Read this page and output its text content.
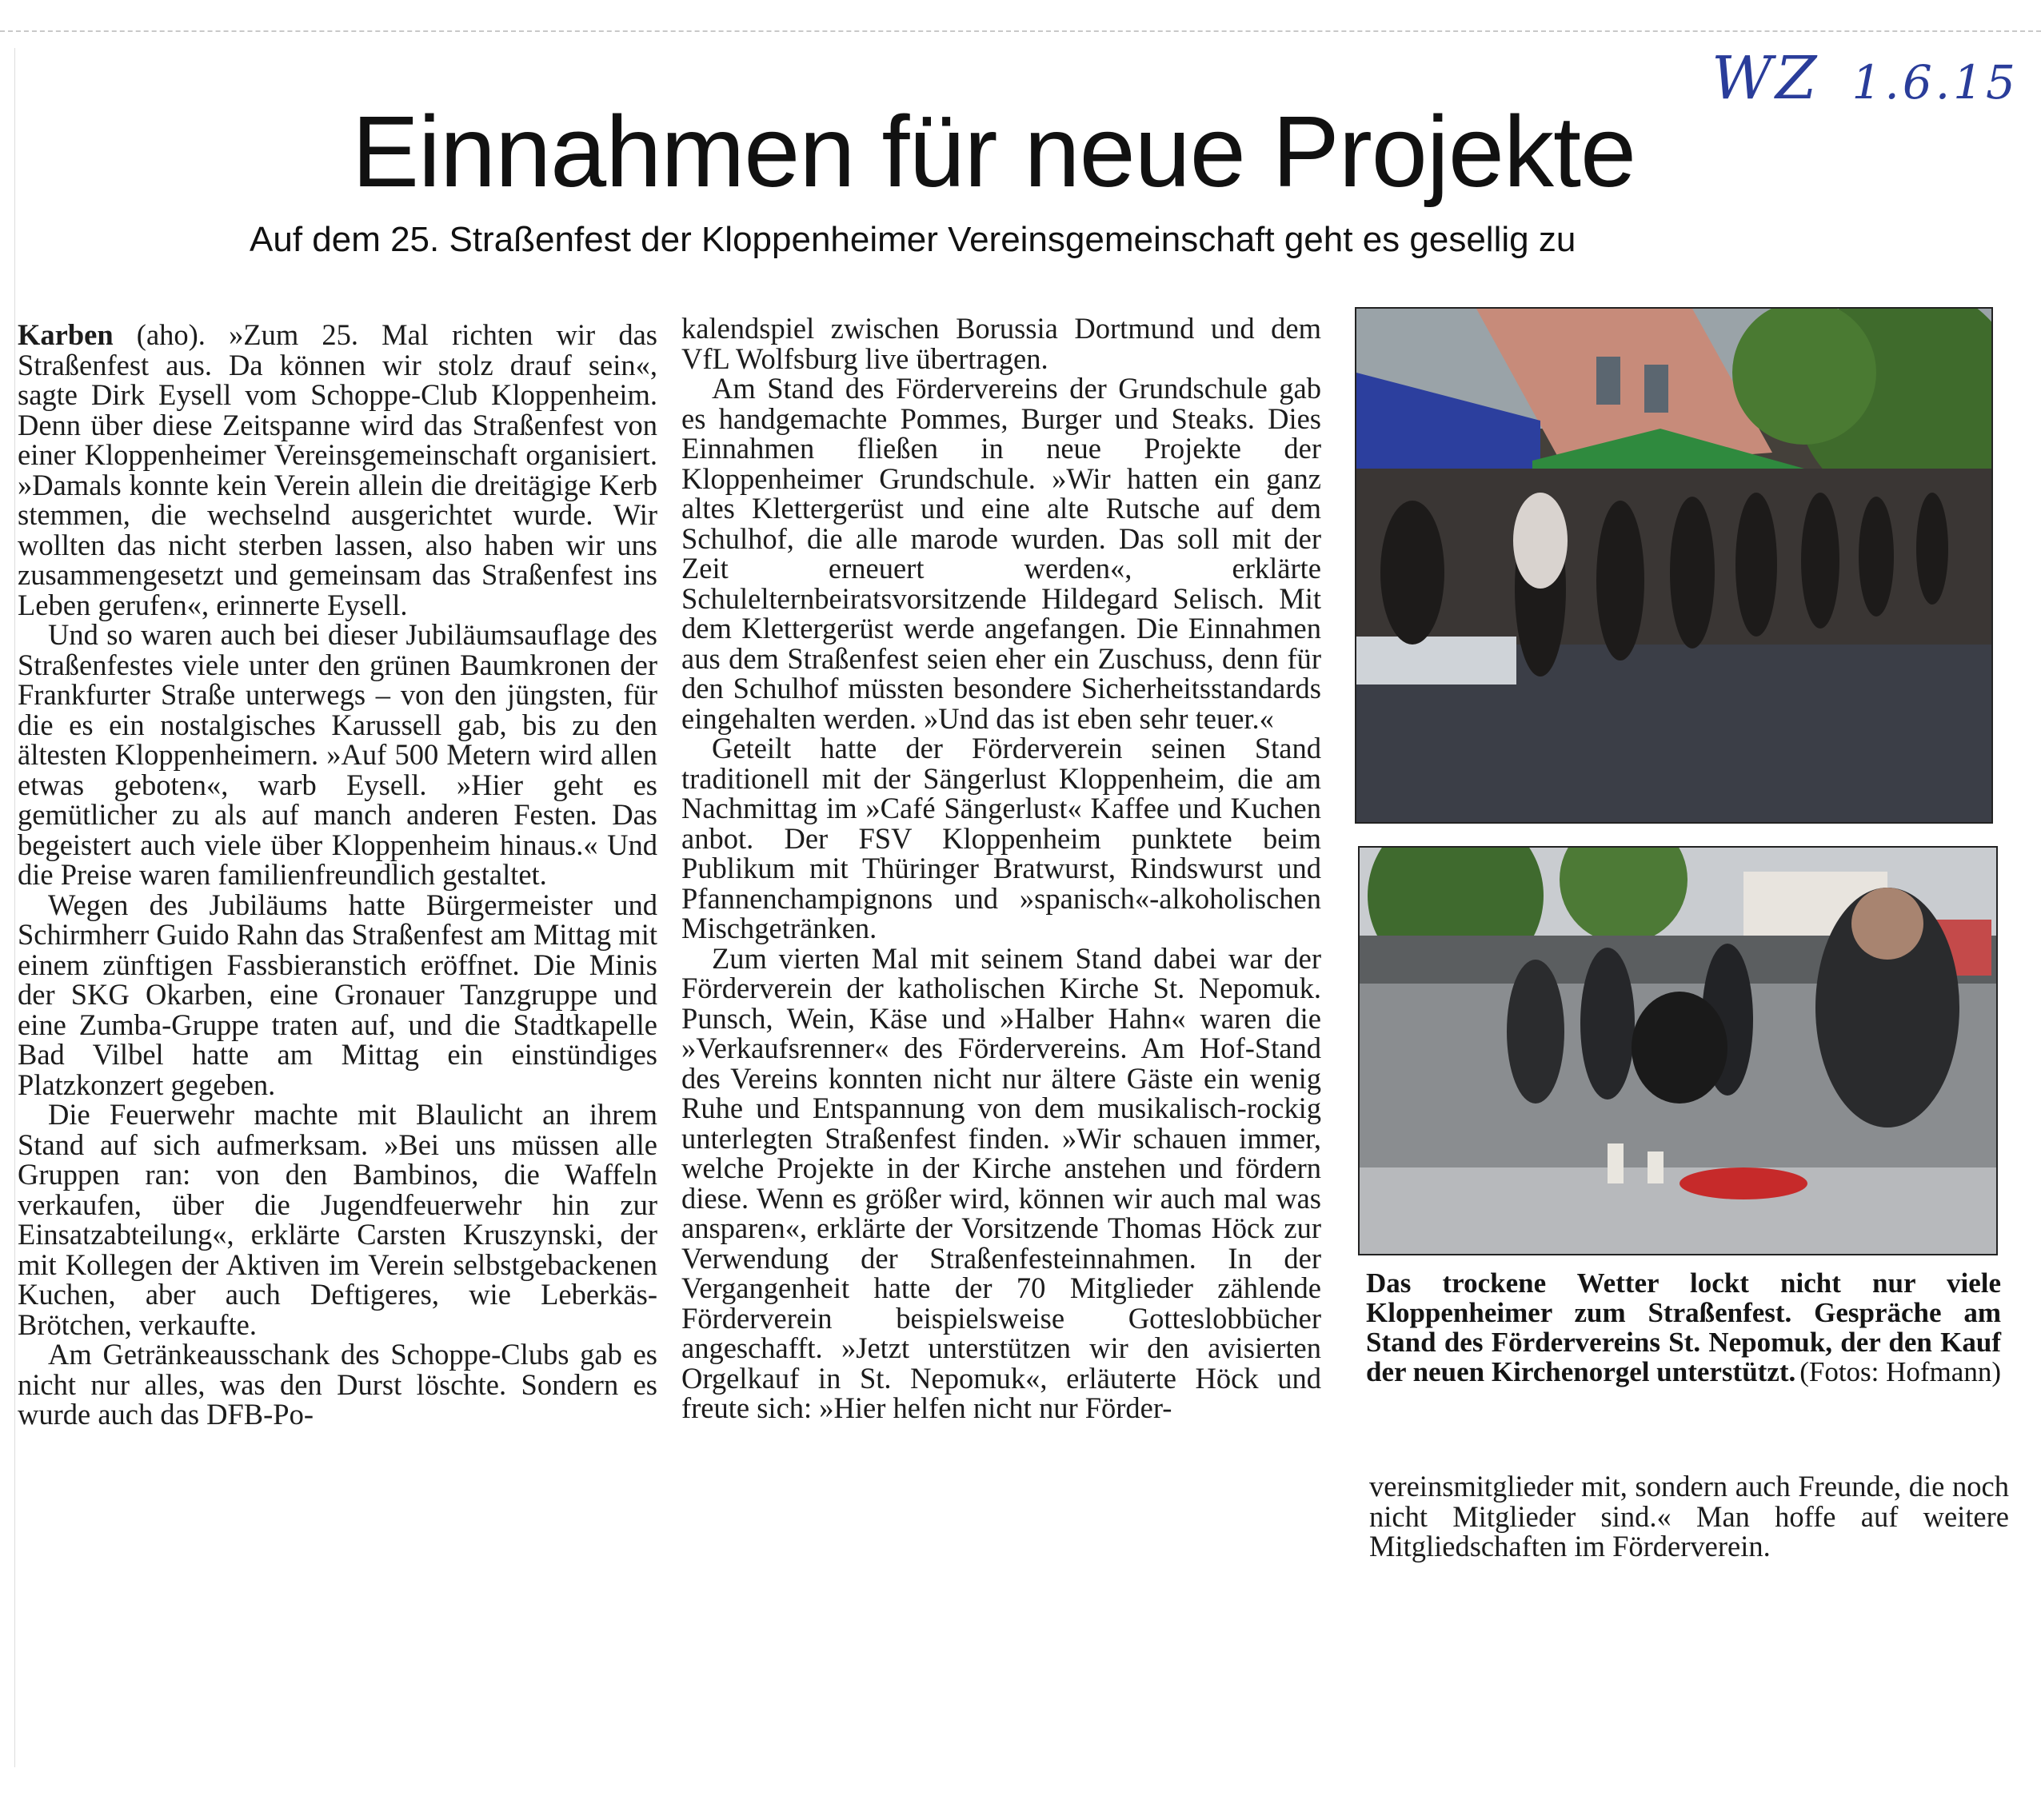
WZ 1.6.15
Einnahmen für neue Projekte
Auf dem 25. Straßenfest der Kloppenheimer Vereinsgemeinschaft geht es gesellig zu

Karben (aho). »Zum 25. Mal richten wir das Straßenfest aus. Da können wir stolz drauf sein«, sagte Dirk Eysell vom Schoppe-Club Kloppenheim. Denn über diese Zeitspanne wird das Straßenfest von einer Kloppenheimer Vereinsgemeinschaft organisiert. »Damals konnte kein Verein allein die dreitägige Kerb stemmen, die wechselnd ausgerichtet wurde. Wir wollten das nicht sterben lassen, also haben wir uns zusammengesetzt und gemeinsam das Straßenfest ins Leben gerufen«, erinnerte Eysell.

Und so waren auch bei dieser Jubiläumsauflage des Straßenfestes viele unter den grünen Baumkronen der Frankfurter Straße unterwegs – von den jüngsten, für die es ein nostalgisches Karussell gab, bis zu den ältesten Kloppenheimern. »Auf 500 Metern wird allen etwas geboten«, warb Eysell. »Hier geht es gemütlicher zu als auf manch anderen Festen. Das begeistert auch viele über Kloppenheim hinaus.« Und die Preise waren familienfreundlich gestaltet.

Wegen des Jubiläums hatte Bürgermeister und Schirmherr Guido Rahn das Straßenfest am Mittag mit einem zünftigen Fassbieranstich eröffnet. Die Minis der SKG Okarben, eine Gronauer Tanzgruppe und eine Zumba-Gruppe traten auf, und die Stadtkapelle Bad Vilbel hatte am Mittag ein einstündiges Platzkonzert gegeben.

Die Feuerwehr machte mit Blaulicht an ihrem Stand auf sich aufmerksam. »Bei uns müssen alle Gruppen ran: von den Bambinos, die Waffeln verkaufen, über die Jugendfeuerwehr hin zur Einsatzabteilung«, erklärte Carsten Kruszynski, der mit Kollegen der Aktiven im Verein selbstgebackenen Kuchen, aber auch Deftigeres, wie Leberkäs-Brötchen, verkaufte.

Am Getränkeausschank des Schoppe-Clubs gab es nicht nur alles, was den Durst löschte. Sondern es wurde auch das DFB-Po-

kalendspiel zwischen Borussia Dortmund und dem VfL Wolfsburg live übertragen.

Am Stand des Fördervereins der Grundschule gab es handgemachte Pommes, Burger und Steaks. Dies Einnahmen fließen in neue Projekte der Kloppenheimer Grundschule. »Wir hatten ein ganz altes Klettergerüst und eine alte Rutsche auf dem Schulhof, die alle marode wurden. Das soll mit der Zeit erneuert werden«, erklärte Schulelternbeiratsvorsitzende Hildegard Selisch. Mit dem Klettergerüst werde angefangen. Die Einnahmen aus dem Straßenfest seien eher ein Zuschuss, denn für den Schulhof müssten besondere Sicherheitsstandards eingehalten werden. »Und das ist eben sehr teuer.«

Geteilt hatte der Förderverein seinen Stand traditionell mit der Sängerlust Kloppenheim, die am Nachmittag im »Café Sängerlust« Kaffee und Kuchen anbot. Der FSV Kloppenheim punktete beim Publikum mit Thüringer Bratwurst, Rindswurst und Pfannenchampignons und »spanisch«-alkoholischen Mischgetränken.

Zum vierten Mal mit seinem Stand dabei war der Förderverein der katholischen Kirche St. Nepomuk. Punsch, Wein, Käse und »Halber Hahn« waren die »Verkaufsrenner« des Fördervereins. Am Hof-Stand des Vereins konnten nicht nur ältere Gäste ein wenig Ruhe und Entspannung von dem musikalisch-rockig unterlegten Straßenfest finden. »Wir schauen immer, welche Projekte in der Kirche anstehen und fördern diese. Wenn es größer wird, können wir auch mal was ansparen«, erklärte der Vorsitzende Thomas Höck zur Verwendung der Straßenfesteinnahmen. In der Vergangenheit hatte der 70 Mitglieder zählende Förderverein beispielsweise Gotteslobbücher angeschafft. »Jetzt unterstützen wir den avisierten Orgelkauf in St. Nepomuk«, erläuterte Höck und freute sich: »Hier helfen nicht nur Förder-

Das trockene Wetter lockt nicht nur viele Kloppenheimer zum Straßenfest. Gespräche am Stand des Fördervereins St. Nepomuk, der den Kauf der neuen Kirchenorgel unterstützt. (Fotos: Hofmann)

vereinsmitglieder mit, sondern auch Freunde, die noch nicht Mitglieder sind.« Man hoffe auf weitere Mitgliedschaften im Förderverein.
